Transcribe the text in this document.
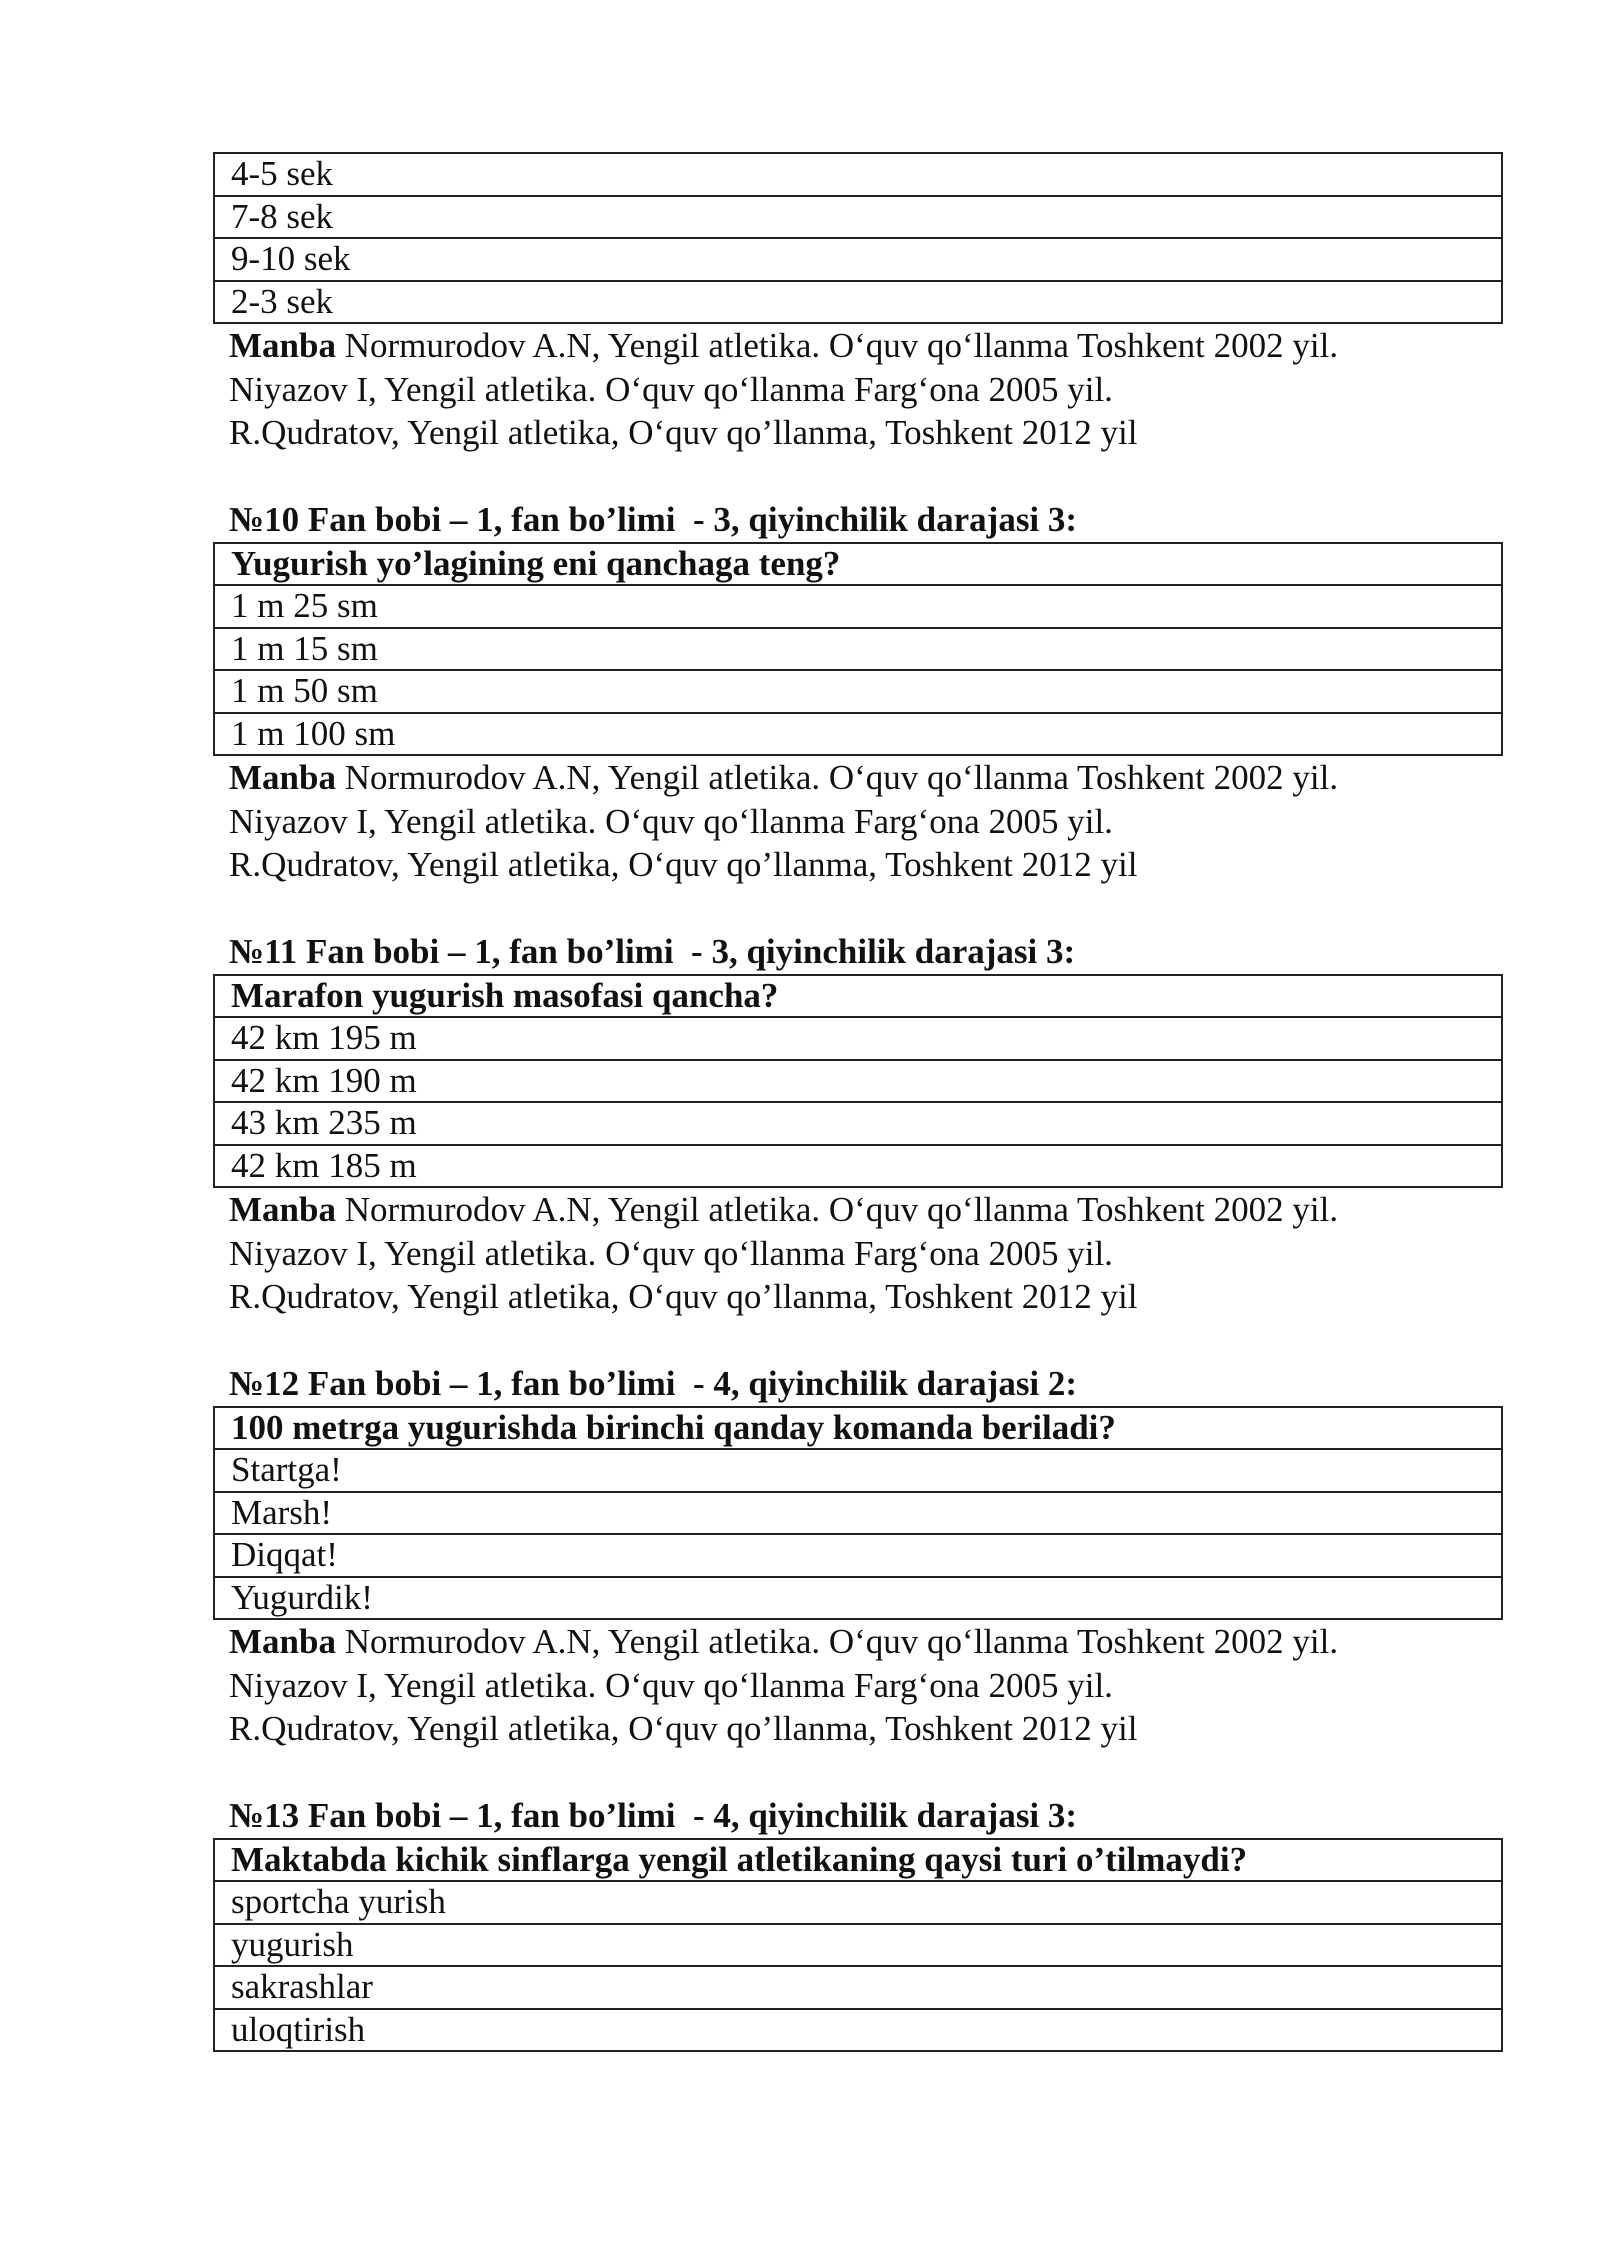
4-5 sek
7-8 sek
9-10 sek
2-3 sek
Manba Normurodov A.N, Yengil atletika. O‘quv qo‘llanma Toshkent 2002 yil.
Niyazov I, Yengil atletika. O‘quv qo‘llanma Farg‘ona 2005 yil.
R.Qudratov, Yengil atletika, O‘quv qo’llanma, Toshkent 2012 yil
№10 Fan bobi – 1, fan bo’limi  - 3, qiyinchilik darajasi 3:
Yugurish yo’lagining eni qanchaga teng?
1 m 25 sm
1 m 15 sm
1 m 50 sm
1 m 100 sm
Manba Normurodov A.N, Yengil atletika. O‘quv qo‘llanma Toshkent 2002 yil.
Niyazov I, Yengil atletika. O‘quv qo‘llanma Farg‘ona 2005 yil.
R.Qudratov, Yengil atletika, O‘quv qo’llanma, Toshkent 2012 yil
№11 Fan bobi – 1, fan bo’limi  - 3, qiyinchilik darajasi 3:
Marafon yugurish masofasi qancha?
42 km 195 m
42 km 190 m
43 km 235 m
42 km 185 m
Manba Normurodov A.N, Yengil atletika. O‘quv qo‘llanma Toshkent 2002 yil.
Niyazov I, Yengil atletika. O‘quv qo‘llanma Farg‘ona 2005 yil.
R.Qudratov, Yengil atletika, O‘quv qo’llanma, Toshkent 2012 yil
№12 Fan bobi – 1, fan bo’limi  - 4, qiyinchilik darajasi 2:
100 metrga yugurishda birinchi qanday komanda beriladi?
Startga!
Marsh!
Diqqat!
Yugurdik!
Manba Normurodov A.N, Yengil atletika. O‘quv qo‘llanma Toshkent 2002 yil.
Niyazov I, Yengil atletika. O‘quv qo‘llanma Farg‘ona 2005 yil.
R.Qudratov, Yengil atletika, O‘quv qo’llanma, Toshkent 2012 yil
№13 Fan bobi – 1, fan bo’limi  - 4, qiyinchilik darajasi 3:
Maktabda kichik sinflarga yengil atletikaning qaysi turi o’tilmaydi?
sportcha yurish
yugurish
sakrashlar
uloqtirish
